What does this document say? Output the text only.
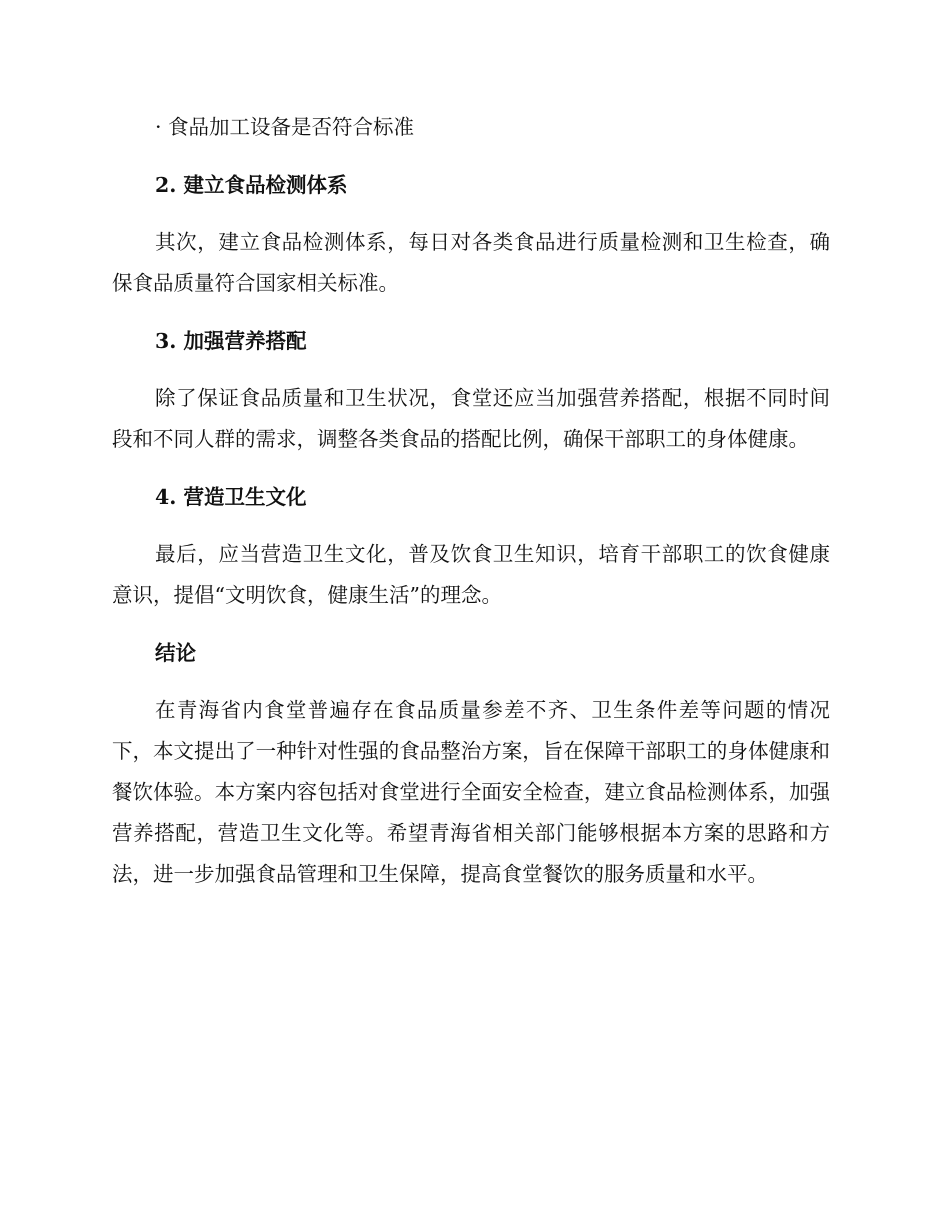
· 食品加工设备是否符合标准

2. 建立食品检测体系

其次，建立食品检测体系，每日对各类食品进行质量检测和卫生检查，确保食品质量符合国家相关标准。

3. 加强营养搭配

除了保证食品质量和卫生状况，食堂还应当加强营养搭配，根据不同时间段和不同人群的需求，调整各类食品的搭配比例，确保干部职工的身体健康。

4. 营造卫生文化

最后，应当营造卫生文化，普及饮食卫生知识，培育干部职工的饮食健康意识，提倡“文明饮食，健康生活”的理念。

结论

在青海省内食堂普遍存在食品质量参差不齐、卫生条件差等问题的情况下，本文提出了一种针对性强的食品整治方案，旨在保障干部职工的身体健康和餐饮体验。本方案内容包括对食堂进行全面安全检查，建立食品检测体系，加强营养搭配，营造卫生文化等。希望青海省相关部门能够根据本方案的思路和方法，进一步加强食品管理和卫生保障，提高食堂餐饮的服务质量和水平。
